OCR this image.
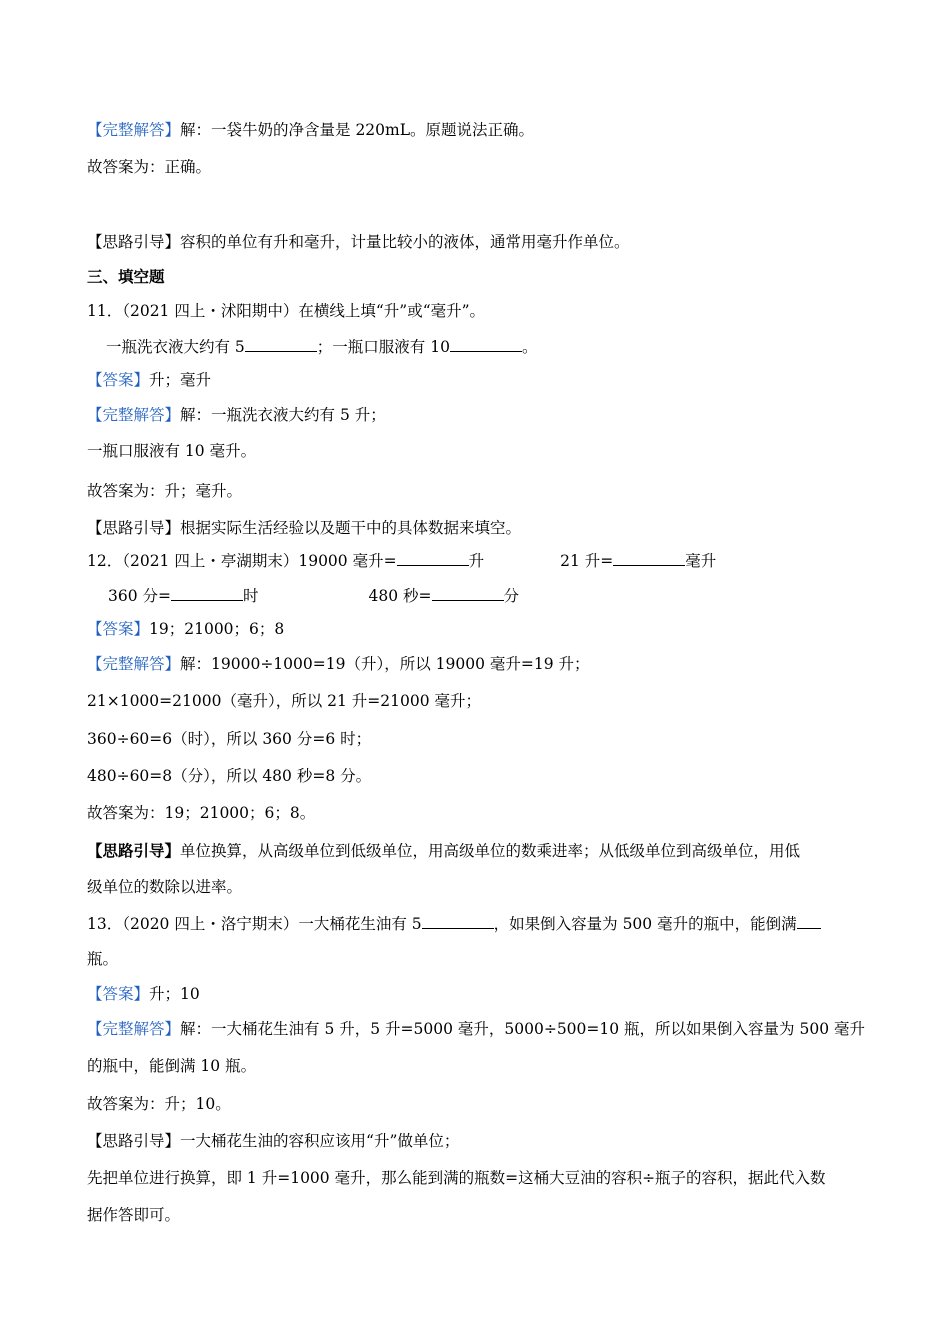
【完整解答】解：一袋牛奶的净含量是 220mL。原题说法正确。
故答案为：正确。
【思路引导】容积的单位有升和毫升，计量比较小的液体，通常用毫升作单位。
三、填空题
11．（2021 四上・沭阳期中）在横线上填“升”或“毫升”。
一瓶洗衣液大约有 5	；一瓶口服液有 10	。
【答案】升；毫升
【完整解答】解：一瓶洗衣液大约有 5 升；
一瓶口服液有 10 毫升。
故答案为：升；毫升。
【思路引导】根据实际生活经验以及题干中的具体数据来填空。
12．（2021 四上・亭湖期末）19000 毫升=	升	21 升=	毫升
360 分=	时	480 秒=	分
【答案】19；21000；6；8
【完整解答】解：19000÷1000=19（升），所以 19000 毫升=19 升；
21×1000=21000（毫升），所以 21 升=21000 毫升；
360÷60=6（时），所以 360 分=6 时；
480÷60=8（分），所以 480 秒=8 分。
故答案为：19；21000；6；8。
【思路引导】单位换算，从高级单位到低级单位，用高级单位的数乘进率；从低级单位到高级单位，用低
级单位的数除以进率。
13．（2020 四上・洛宁期末）一大桶花生油有 5	，如果倒入容量为 500 毫升的瓶中，能倒满
瓶。
【答案】升；10
【完整解答】解：一大桶花生油有 5 升，5 升=5000 毫升，5000÷500=10 瓶，所以如果倒入容量为 500 毫升
的瓶中，能倒满 10 瓶。
故答案为：升；10。
【思路引导】一大桶花生油的容积应该用“升”做单位；
先把单位进行换算，即 1 升=1000 毫升，那么能到满的瓶数=这桶大豆油的容积÷瓶子的容积，据此代入数
据作答即可。
